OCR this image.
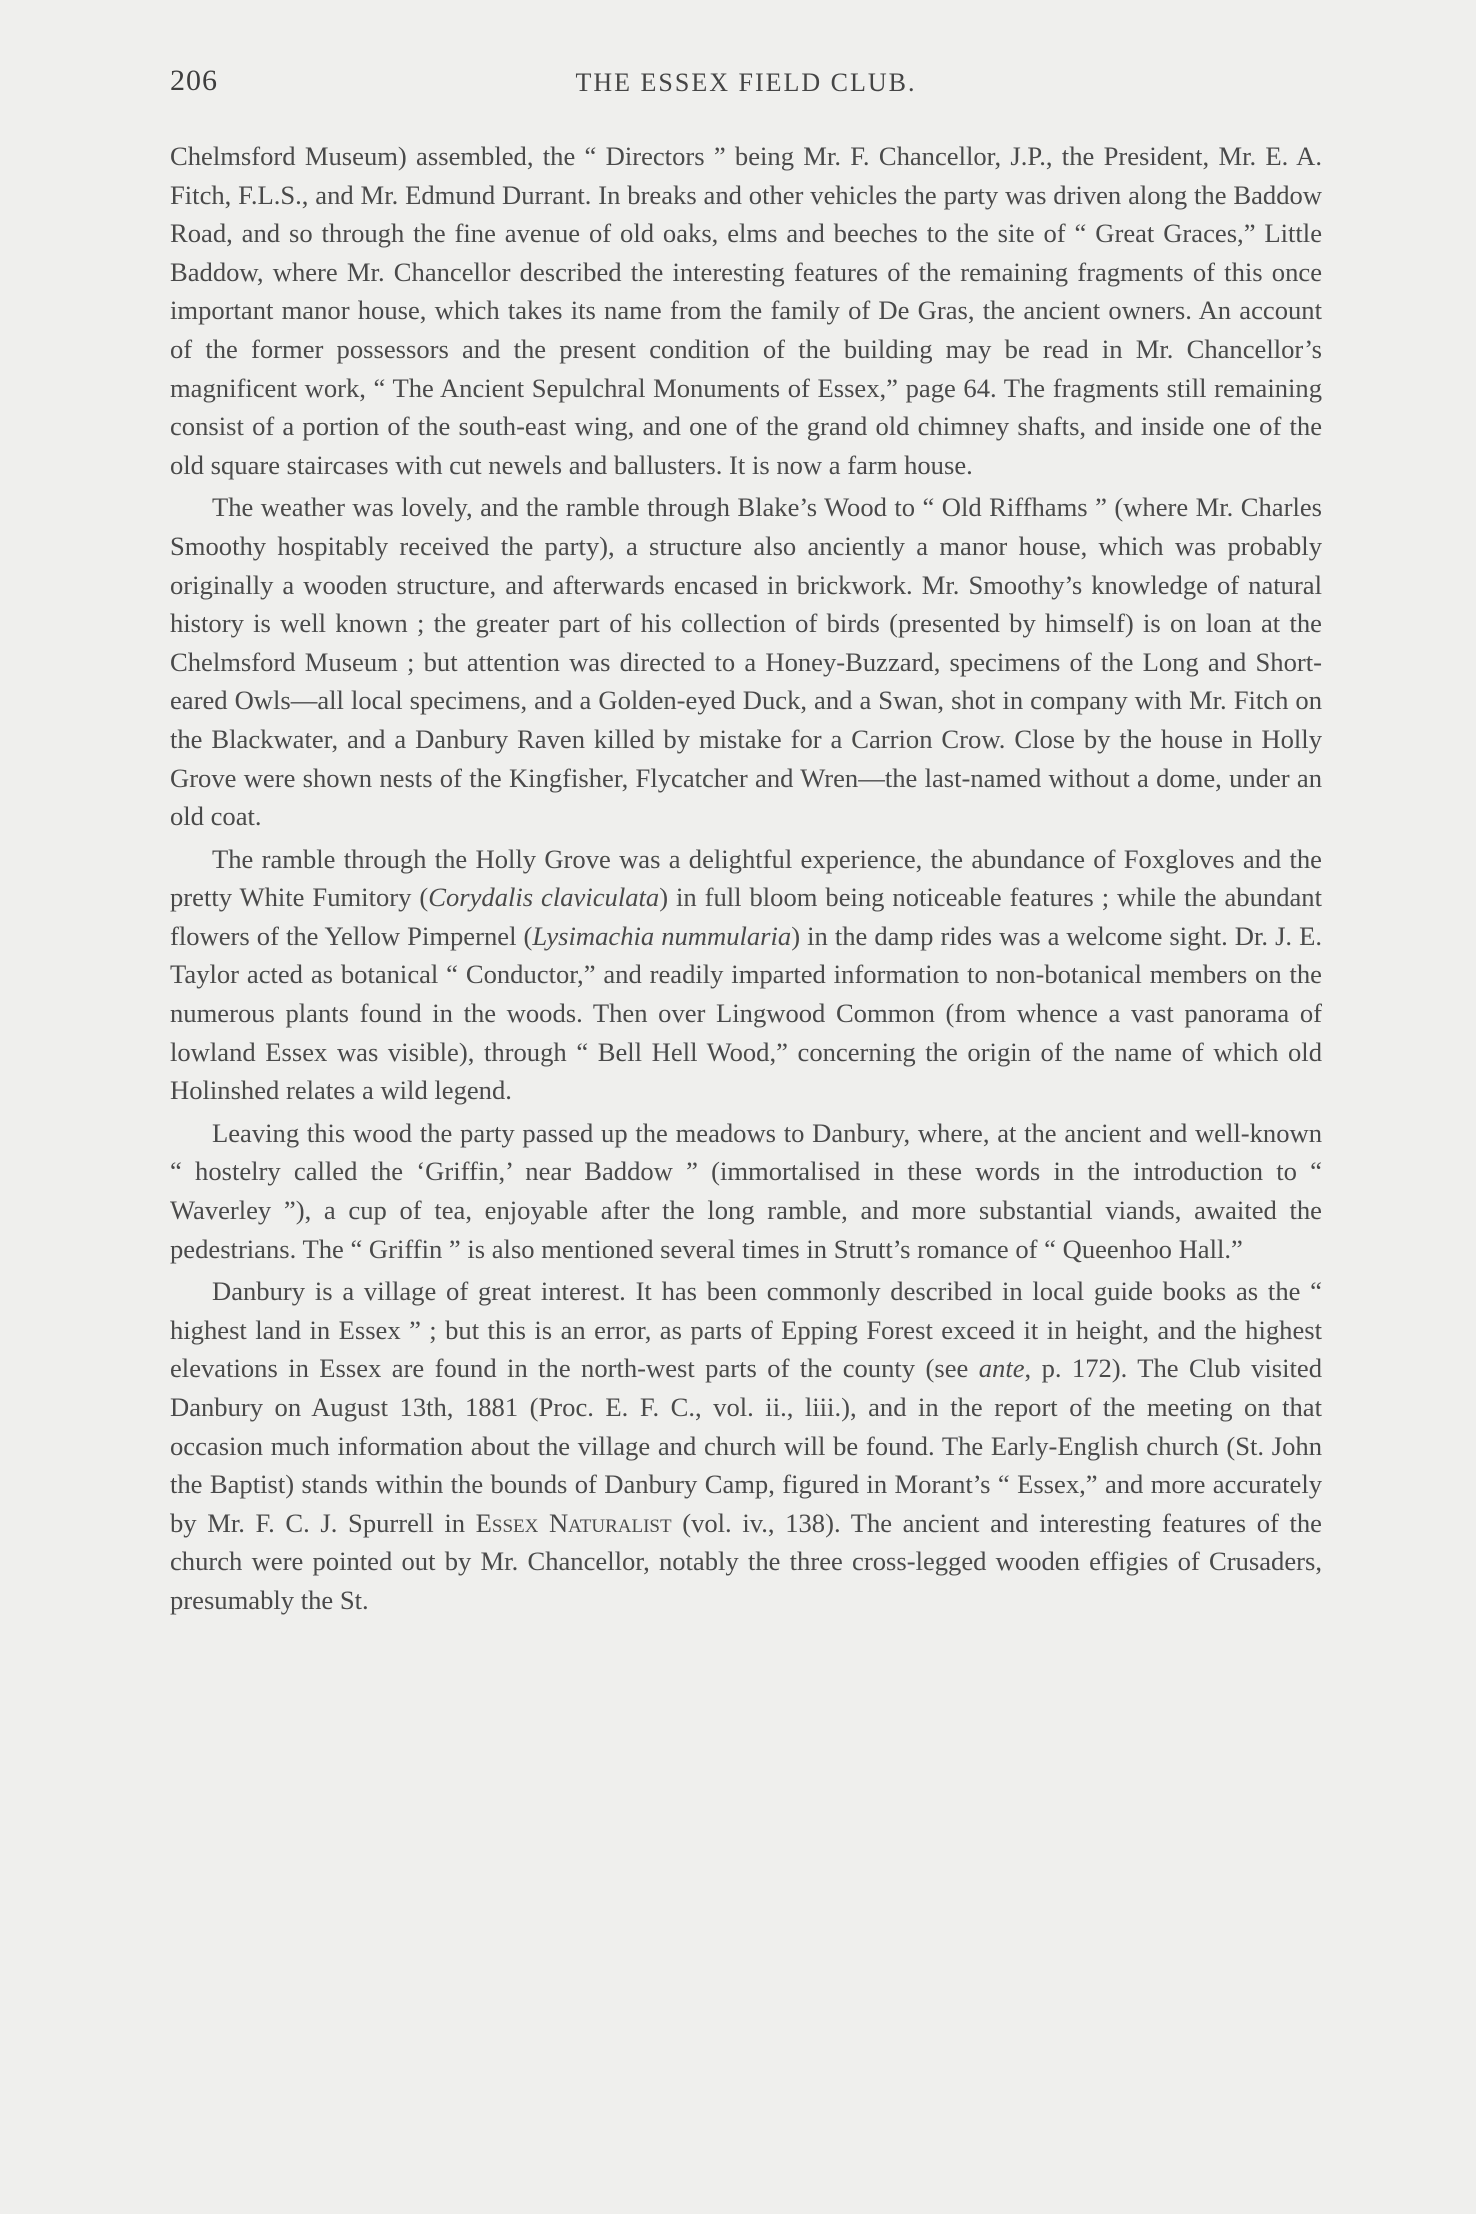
206	THE ESSEX FIELD CLUB.

Chelmsford Museum) assembled, the “ Directors ” being Mr. F. Chancellor, J.P., the President, Mr. E. A. Fitch, F.L.S., and Mr. Edmund Durrant. In breaks and other vehicles the party was driven along the Baddow Road, and so through the fine avenue of old oaks, elms and beeches to the site of “ Great Graces,” Little Baddow, where Mr. Chancellor described the interesting features of the remaining fragments of this once important manor house, which takes its name from the family of De Gras, the ancient owners. An account of the former possessors and the present condition of the building may be read in Mr. Chancellor’s magnificent work, “ The Ancient Sepulchral Monuments of Essex,” page 64. The fragments still remaining consist of a portion of the south-east wing, and one of the grand old chimney shafts, and inside one of the old square staircases with cut newels and ballusters. It is now a farm house.

The weather was lovely, and the ramble through Blake’s Wood to “ Old Riffhams ” (where Mr. Charles Smoothy hospitably received the party), a structure also anciently a manor house, which was probably originally a wooden structure, and afterwards encased in brickwork. Mr. Smoothy’s knowledge of natural history is well known ; the greater part of his collection of birds (presented by himself) is on loan at the Chelmsford Museum ; but attention was directed to a Honey-Buzzard, specimens of the Long and Short-eared Owls—all local specimens, and a Golden-eyed Duck, and a Swan, shot in company with Mr. Fitch on the Blackwater, and a Danbury Raven killed by mistake for a Carrion Crow. Close by the house in Holly Grove were shown nests of the Kingfisher, Flycatcher and Wren—the last-named without a dome, under an old coat.

The ramble through the Holly Grove was a delightful experience, the abundance of Foxgloves and the pretty White Fumitory (Corydalis claviculata) in full bloom being noticeable features ; while the abundant flowers of the Yellow Pimpernel (Lysimachia nummularia) in the damp rides was a welcome sight. Dr. J. E. Taylor acted as botanical “ Conductor,” and readily imparted information to non-botanical members on the numerous plants found in the woods. Then over Lingwood Common (from whence a vast panorama of lowland Essex was visible), through “ Bell Hell Wood,” concerning the origin of the name of which old Holinshed relates a wild legend.

Leaving this wood the party passed up the meadows to Danbury, where, at the ancient and well-known “ hostelry called the ‘Griffin,’ near Baddow ” (immortalised in these words in the introduction to “ Waverley ”), a cup of tea, enjoyable after the long ramble, and more substantial viands, awaited the pedestrians. The “ Griffin ” is also mentioned several times in Strutt’s romance of “ Queenhoo Hall.”

Danbury is a village of great interest. It has been commonly described in local guide books as the “ highest land in Essex ” ; but this is an error, as parts of Epping Forest exceed it in height, and the highest elevations in Essex are found in the north-west parts of the county (see ante, p. 172). The Club visited Danbury on August 13th, 1881 (Proc. E. F. C., vol. ii., liii.), and in the report of the meeting on that occasion much information about the village and church will be found. The Early-English church (St. John the Baptist) stands within the bounds of Danbury Camp, figured in Morant’s “ Essex,” and more accurately by Mr. F. C. J. Spurrell in Essex Naturalist (vol. iv., 138). The ancient and interesting features of the church were pointed out by Mr. Chancellor, notably the three cross-legged wooden effigies of Crusaders, presumably the St.
